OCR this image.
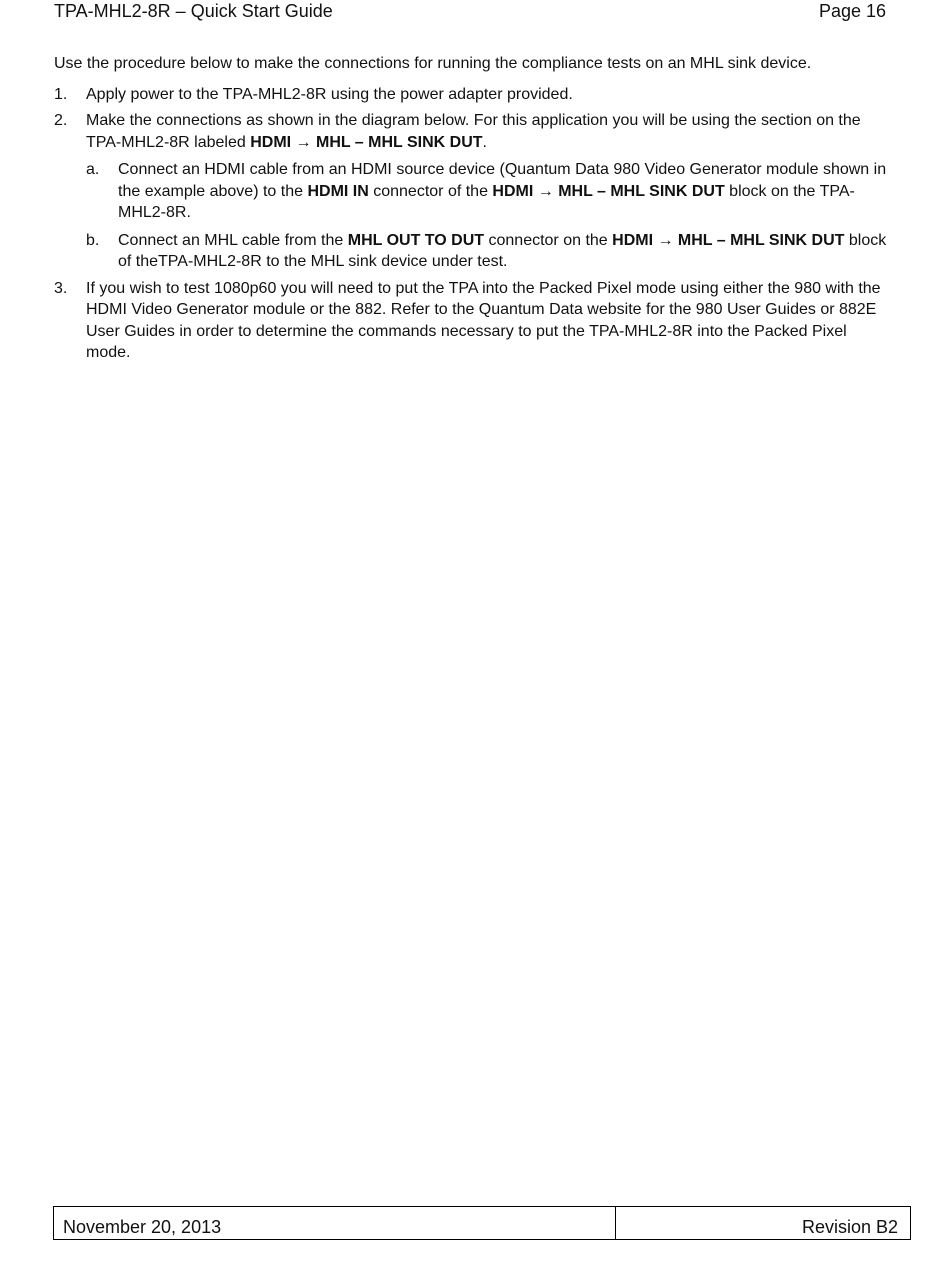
TPA-MHL2-8R – Quick Start Guide	Page 16

Use the procedure below to make the connections for running the compliance tests on an MHL sink device.

1. Apply power to the TPA-MHL2-8R using the power adapter provided.
2. Make the connections as shown in the diagram below. For this application you will be using the section on the TPA-MHL2-8R labeled HDMI → MHL – MHL SINK DUT.
a. Connect an HDMI cable from an HDMI source device (Quantum Data 980 Video Generator module shown in the example above) to the HDMI IN connector of the HDMI → MHL – MHL SINK DUT block on the TPA-MHL2-8R.
b. Connect an MHL cable from the MHL OUT TO DUT connector on the HDMI → MHL – MHL SINK DUT block of theTPA-MHL2-8R to the MHL sink device under test.
3. If you wish to test 1080p60 you will need to put the TPA into the Packed Pixel mode using either the 980 with the HDMI Video Generator module or the 882. Refer to the Quantum Data website for the 980 User Guides or 882E User Guides in order to determine the commands necessary to put the TPA-MHL2-8R into the Packed Pixel mode.
November 20, 2013	Revision B2
